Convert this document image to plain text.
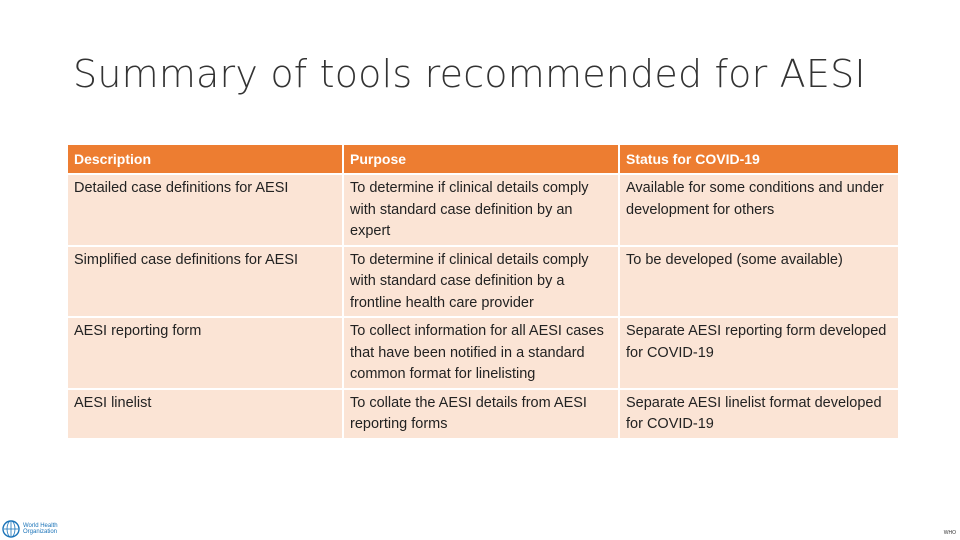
Summary of tools recommended for AESI
Description	Purpose	Status for COVID-19
Detailed case definitions for AESI	To determine if clinical details comply with standard case definition by an expert	Available for some conditions and under development for others
Simplified case definitions for AESI	To determine if clinical details comply with standard case definition by a frontline health care provider	To be developed (some available)
AESI reporting form	To collect information for all AESI cases that have been notified in a standard common format for linelisting	Separate AESI reporting form developed for COVID-19
AESI linelist	To collate the AESI details from AESI reporting forms	Separate AESI linelist format developed for COVID-19
World Health
Organization	WHO
